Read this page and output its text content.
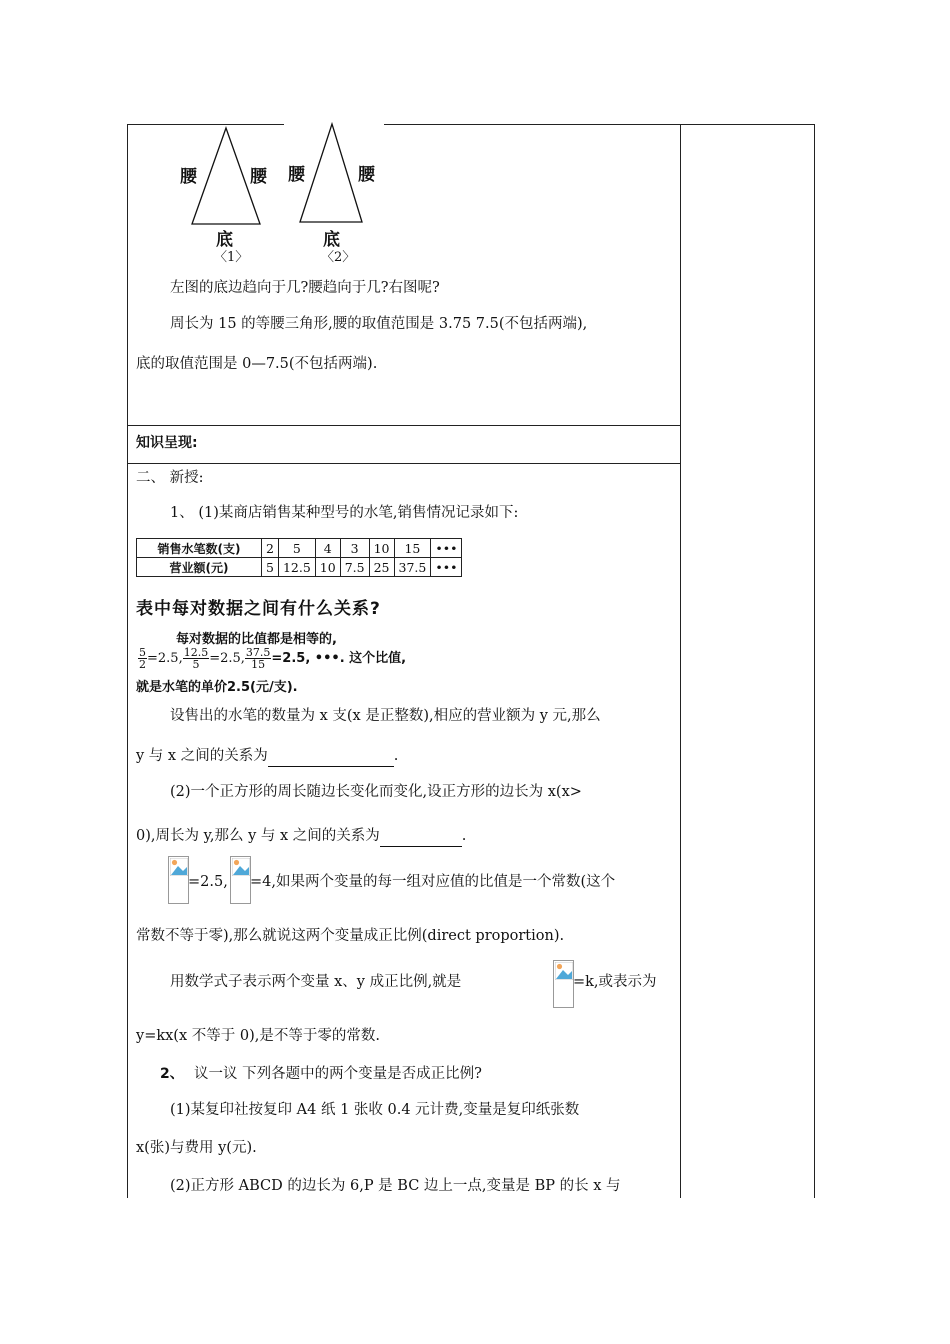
腰	腰
底
〈1〉
腰	腰
底
〈2〉
左图的底边趋向于几?腰趋向于几?右图呢?
周长为 15 的等腰三角形,腰的取值范围是 3.75 7.5(不包括两端),
底的取值范围是 0—7.5(不包括两端).
知识呈现:
二、 新授:
1、 (1)某商店销售某种型号的水笔,销售情况记录如下:
销售水笔数(支)	2	5	4	3	10	15	•••
营业额(元)	5	12.5	10	7.5	25	37.5	•••
表中每对数据之间有什么关系?
每对数据的比值都是相等的,
$\frac{5}{2} =2.5$, $\frac{12.5}{5} =2.5$, $\frac{37.5}{15} =2.5$, •••. 这个比值,
就是水笔的单价2.5(元/支).
设售出的水笔的数量为 x 支(x 是正整数),相应的营业额为 y 元,那么
y 与 x 之间的关系为	.
(2)一个正方形的周长随边长变化而变化,设正方形的边长为 x(x>
0),周长为 y,那么 y 与 x 之间的关系为	.
=2.5, =4,如果两个变量的每一组对应值的比值是一个常数(这个
常数不等于零),那么就说这两个变量成正比例(direct proportion).
用数学式子表示两个变量 x、y 成正比例,就是	=k,或表示为
y=kx(x 不等于 0),是不等于零的常数.
2、 议一议 下列各题中的两个变量是否成正比例?
(1)某复印社按复印 A4 纸 1 张收 0.4 元计费,变量是复印纸张数
x(张)与费用 y(元).
(2)正方形 ABCD 的边长为 6,P 是 BC 边上一点,变量是 BP 的长 x 与
